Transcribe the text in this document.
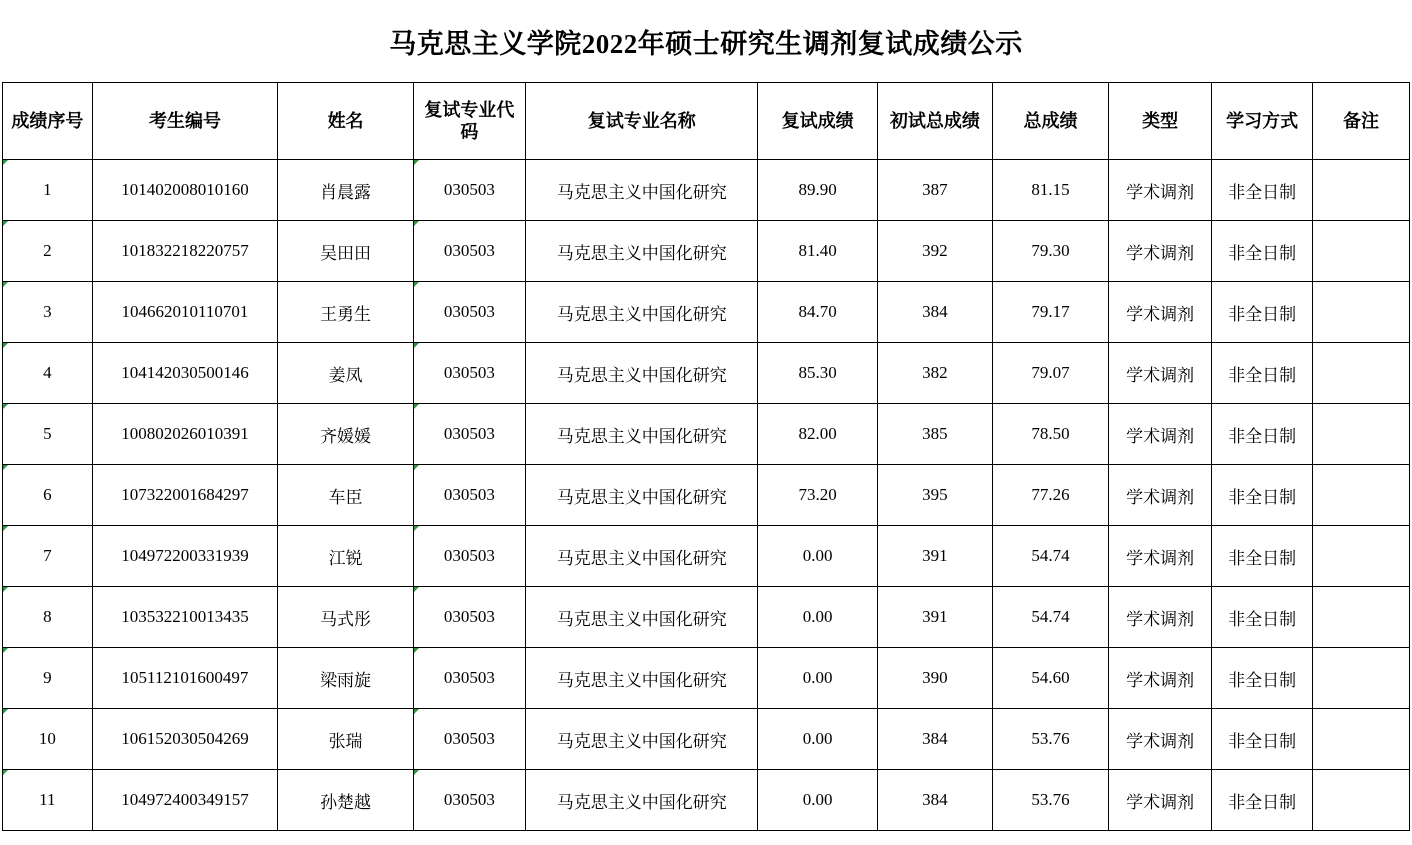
马克思主义学院2022年硕士研究生调剂复试成绩公示
成绩序号	考生编号	姓名	复试专业代码	复试专业名称	复试成绩	初试总成绩	总成绩	类型	学习方式	备注
1	101402008010160	肖晨露	030503	马克思主义中国化研究	89.90	387	81.15	学术调剂	非全日制	
2	101832218220757	吴田田	030503	马克思主义中国化研究	81.40	392	79.30	学术调剂	非全日制	
3	104662010110701	王勇生	030503	马克思主义中国化研究	84.70	384	79.17	学术调剂	非全日制	
4	104142030500146	姜凤	030503	马克思主义中国化研究	85.30	382	79.07	学术调剂	非全日制	
5	100802026010391	齐媛媛	030503	马克思主义中国化研究	82.00	385	78.50	学术调剂	非全日制	
6	107322001684297	车臣	030503	马克思主义中国化研究	73.20	395	77.26	学术调剂	非全日制	
7	104972200331939	江锐	030503	马克思主义中国化研究	0.00	391	54.74	学术调剂	非全日制	
8	103532210013435	马式彤	030503	马克思主义中国化研究	0.00	391	54.74	学术调剂	非全日制	
9	105112101600497	梁雨旋	030503	马克思主义中国化研究	0.00	390	54.60	学术调剂	非全日制	
10	106152030504269	张瑞	030503	马克思主义中国化研究	0.00	384	53.76	学术调剂	非全日制	
11	104972400349157	孙楚越	030503	马克思主义中国化研究	0.00	384	53.76	学术调剂	非全日制	
